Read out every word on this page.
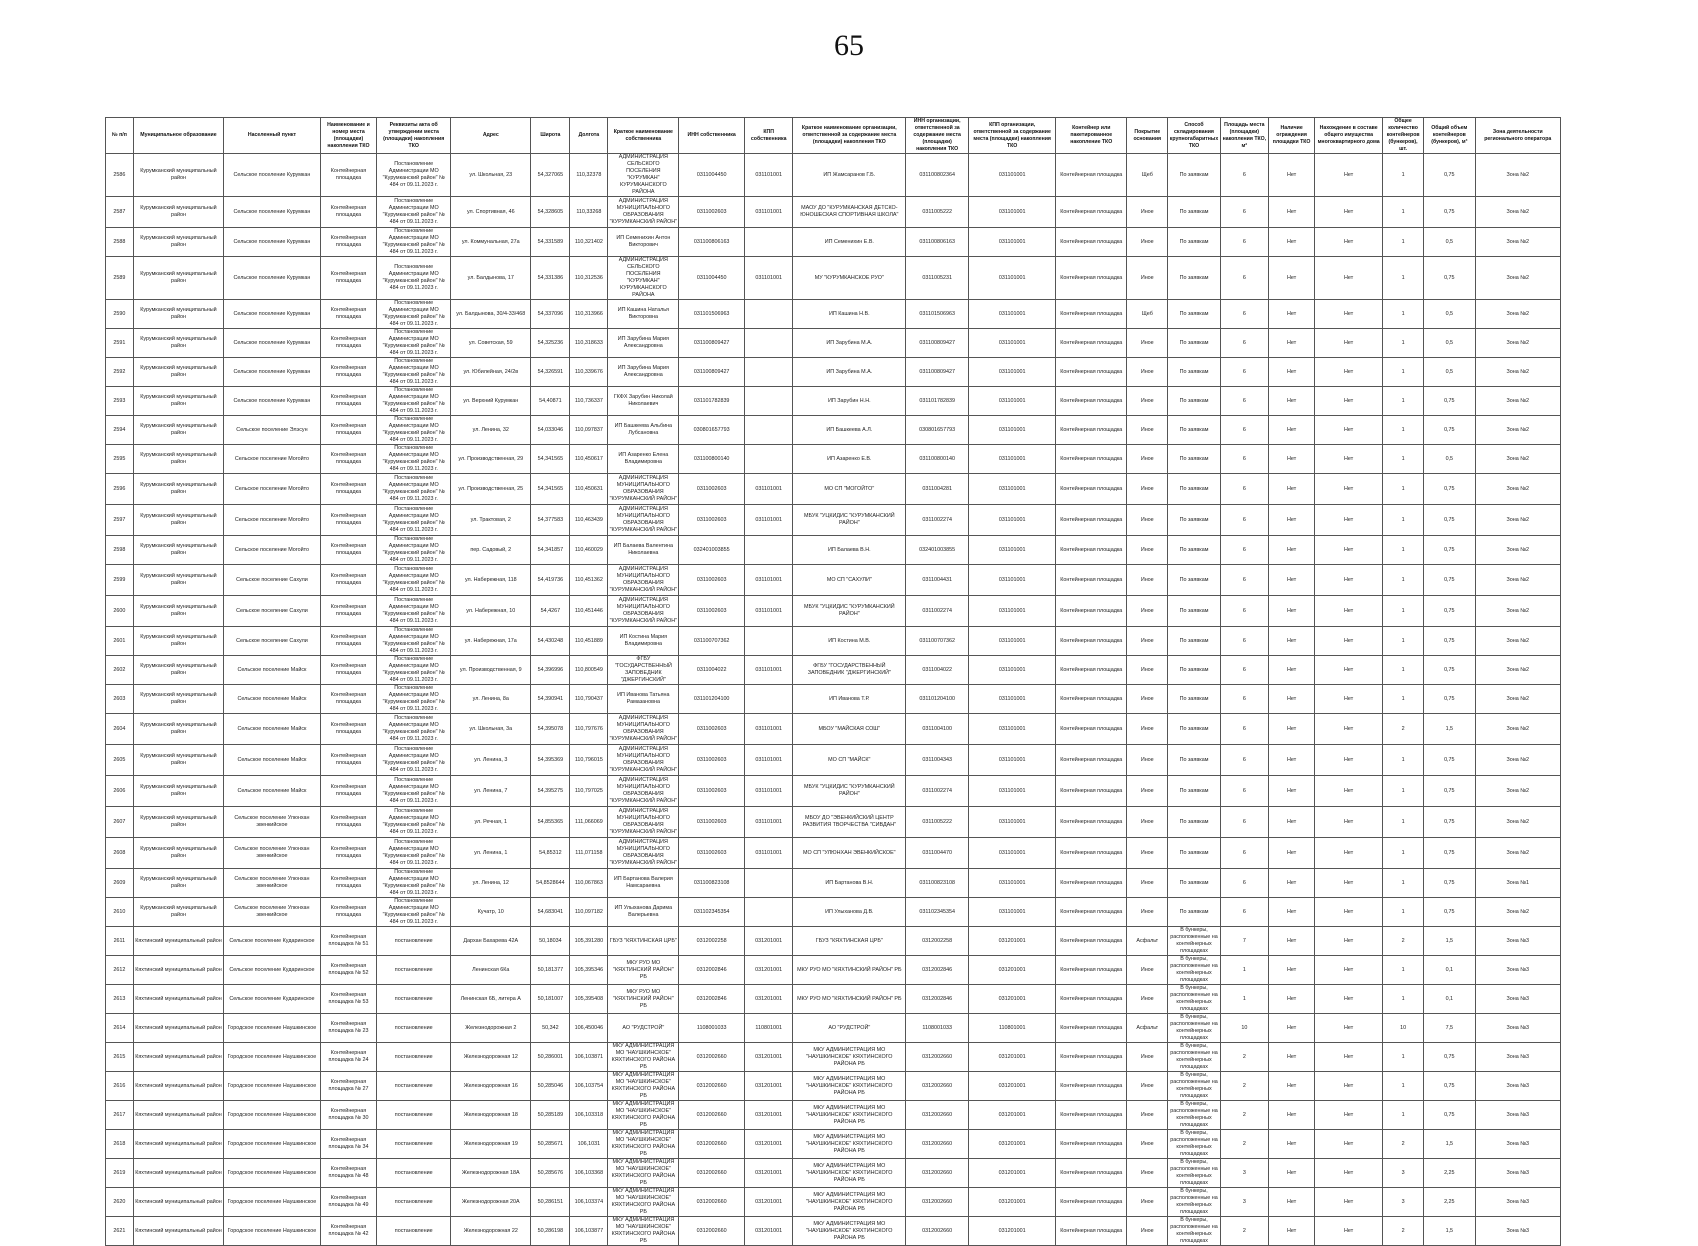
65
№ п/п	Муниципальное образование	Населенный пункт	Наименование и номер места (площадки) накопления ТКО	Реквизиты акта об утверждении места (площадки) накопления ТКО	Адрес	Широта	Долгота	Краткое наименование собственника	ИНН собственника	КПП собственника	Краткое наименование организации, ответственной за содержание места (площадки) накопления ТКО	ИНН организации, ответственной за содержание места (площадки) накопления ТКО	КПП организации, ответственной за содержание места (площадки) накопления ТКО	Контейнер или пакетированное накопление ТКО	Покрытие основания	Способ складирования крупногабаритных ТКО	Площадь места (площадки) накопления ТКО, м²	Наличие ограждения площадки ТКО	Нахождение в составе общего имущества многоквартирного дома	Общее количество контейнеров (бункеров), шт.	Общий объем контейнеров (бункеров), м³	Зона деятельности регионального оператора
2586	Курумканский муниципальный район	Сельское поселение Курумкан	Контейнерная площадка	Постановление Администрации МО "Курумканский район" № 484 от 09.11.2023 г.	ул. Школьная, 23	54,327065	110,32378	АДМИНИСТРАЦИЯ СЕЛЬСКОГО ПОСЕЛЕНИЯ "КУРУМКАН" КУРУМКАНСКОГО РАЙОНА	0311004450	031101001	ИП Жамсаранов Г.Б.	031100802364	031101001	Контейнерная площадка	Щеб	По заявкам	6	Нет	Нет	1	0,75	Зона №2
2587	Курумканский муниципальный район	Сельское поселение Курумкан	Контейнерная площадка	Постановление Администрации МО "Курумканский район" № 484 от 09.11.2023 г.	ул. Спортивная, 46	54,328605	110,33268	АДМИНИСТРАЦИЯ МУНИЦИПАЛЬНОГО ОБРАЗОВАНИЯ "КУРУМКАНСКИЙ РАЙОН"	0311002603	031101001	МАОУ ДО "КУРУМКАНСКАЯ ДЕТСКО-ЮНОШЕСКАЯ СПОРТИВНАЯ ШКОЛА"	0311005222	031101001	Контейнерная площадка	Иное	По заявкам	6	Нет	Нет	1	0,75	Зона №2
2588	Курумканский муниципальный район	Сельское поселение Курумкан	Контейнерная площадка	Постановление Администрации МО "Курумканский район" № 484 от 09.11.2023 г.	ул. Коммунальная, 27а	54,331589	110,321402	ИП Семенихин Антон Викторович	031100806163		ИП Семенихин Е.В.	031100806163	031101001	Контейнерная площадка	Иное	По заявкам	6	Нет	Нет	1	0,5	Зона №2
2589	Курумканский муниципальный район	Сельское поселение Курумкан	Контейнерная площадка	Постановление Администрации МО "Курумканский район" № 484 от 09.11.2023 г.	ул. Балдынова, 17	54,331386	110,312536	АДМИНИСТРАЦИЯ СЕЛЬСКОГО ПОСЕЛЕНИЯ "КУРУМКАН" КУРУМКАНСКОГО РАЙОНА	0311004450	031101001	МУ "КУРУМКАНСКОЕ РУО"	0311005231	031101001	Контейнерная площадка	Иное	По заявкам	6	Нет	Нет	1	0,75	Зона №2
2590	Курумканский муниципальный район	Сельское поселение Курумкан	Контейнерная площадка	Постановление Администрации МО "Курумканский район" № 484 от 09.11.2023 г.	ул. Балдынова, 30/4-33/468	54,337096	110,313966	ИП Кашина Наталья Викторовна	031101506963		ИП Кашина Н.В.	031101506963	031101001	Контейнерная площадка	Щеб	По заявкам	6	Нет	Нет	1	0,5	Зона №2
2591	Курумканский муниципальный район	Сельское поселение Курумкан	Контейнерная площадка	Постановление Администрации МО "Курумканский район" № 484 от 09.11.2023 г.	ул. Советская, 59	54,325236	110,318633	ИП Зарубина Мария Александровна	031100809427		ИП Зарубина М.А.	031100809427	031101001	Контейнерная площадка	Иное	По заявкам	6	Нет	Нет	1	0,5	Зона №2
2592	Курумканский муниципальный район	Сельское поселение Курумкан	Контейнерная площадка	Постановление Администрации МО "Курумканский район" № 484 от 09.11.2023 г.	ул. Юбилейная, 24/2в	54,326591	110,339676	ИП Зарубина Мария Александровна	031100809427		ИП Зарубина М.А.	031100809427	031101001	Контейнерная площадка	Иное	По заявкам	6	Нет	Нет	1	0,5	Зона №2
2593	Курумканский муниципальный район	Сельское поселение Курумкан	Контейнерная площадка	Постановление Администрации МО "Курумканский район" № 484 от 09.11.2023 г.	ул. Верхний Курумкан	54,40871	110,736337	ГКФХ Зарубин Николай Николаевич	031101782839		ИП Зарубин Н.Н.	031101782839	031101001	Контейнерная площадка	Иное	По заявкам	6	Нет	Нет	1	0,75	Зона №2
2594	Курумканский муниципальный район	Сельское поселение Элэсун	Контейнерная площадка	Постановление Администрации МО "Курумканский район" № 484 от 09.11.2023 г.	ул. Ленина, 32	54,033046	110,097837	ИП Башкеева Альбина Лубсановна	030801657793		ИП Башкеева А.Л.	030801657793	031101001	Контейнерная площадка	Иное	По заявкам	6	Нет	Нет	1	0,75	Зона №2
2595	Курумканский муниципальный район	Сельское поселение Могойто	Контейнерная площадка	Постановление Администрации МО "Курумканский район" № 484 от 09.11.2023 г.	ул. Производственная, 29	54,341565	110,450617	ИП Азаренко Елена Владимировна	031100800140		ИП Азаренко Е.В.	031100800140	031101001	Контейнерная площадка	Иное	По заявкам	6	Нет	Нет	1	0,5	Зона №2
2596	Курумканский муниципальный район	Сельское поселение Могойто	Контейнерная площадка	Постановление Администрации МО "Курумканский район" № 484 от 09.11.2023 г.	ул. Производственная, 25	54,341565	110,450631	АДМИНИСТРАЦИЯ МУНИЦИПАЛЬНОГО ОБРАЗОВАНИЯ "КУРУМКАНСКИЙ РАЙОН"	0311002603	031101001	МО СП "МОГОЙТО"	0311004281	031101001	Контейнерная площадка	Иное	По заявкам	6	Нет	Нет	1	0,75	Зона №2
2597	Курумканский муниципальный район	Сельское поселение Могойто	Контейнерная площадка	Постановление Администрации МО "Курумканский район" № 484 от 09.11.2023 г.	ул. Трактовая, 2	54,377583	110,463439	АДМИНИСТРАЦИЯ МУНИЦИПАЛЬНОГО ОБРАЗОВАНИЯ "КУРУМКАНСКИЙ РАЙОН"	0311002603	031101001	МБУК "УЦКИДИС "КУРУМКАНСКИЙ РАЙОН"	0311002274	031101001	Контейнерная площадка	Иное	По заявкам	6	Нет	Нет	1	0,75	Зона №2
2598	Курумканский муниципальный район	Сельское поселение Могойто	Контейнерная площадка	Постановление Администрации МО "Курумканский район" № 484 от 09.11.2023 г.	пер. Садовый, 2	54,341857	110,460029	ИП Балаева Валентина Николаевна	032401003855		ИП Балаева В.Н.	032401003855	031101001	Контейнерная площадка	Иное	По заявкам	6	Нет	Нет	1	0,75	Зона №2
2599	Курумканский муниципальный район	Сельское поселение Сахули	Контейнерная площадка	Постановление Администрации МО "Курумканский район" № 484 от 09.11.2023 г.	ул. Набережная, 118	54,419736	110,451362	АДМИНИСТРАЦИЯ МУНИЦИПАЛЬНОГО ОБРАЗОВАНИЯ "КУРУМКАНСКИЙ РАЙОН"	0311002603	031101001	МО СП "САХУЛИ"	0311004431	031101001	Контейнерная площадка	Иное	По заявкам	6	Нет	Нет	1	0,75	Зона №2
2600	Курумканский муниципальный район	Сельское поселение Сахули	Контейнерная площадка	Постановление Администрации МО "Курумканский район" № 484 от 09.11.2023 г.	ул. Набережная, 10	54,4267	110,451446	АДМИНИСТРАЦИЯ МУНИЦИПАЛЬНОГО ОБРАЗОВАНИЯ "КУРУМКАНСКИЙ РАЙОН"	0311002603	031101001	МБУК "УЦКИДИС "КУРУМКАНСКИЙ РАЙОН"	0311002274	031101001	Контейнерная площадка	Иное	По заявкам	6	Нет	Нет	1	0,75	Зона №2
2601	Курумканский муниципальный район	Сельское поселение Сахули	Контейнерная площадка	Постановление Администрации МО "Курумканский район" № 484 от 09.11.2023 г.	ул. Набережная, 17а	54,430248	110,451889	ИП Костина Мария Владимировна	031100707362		ИП Костина М.В.	031100707362	031101001	Контейнерная площадка	Иное	По заявкам	6	Нет	Нет	1	0,75	Зона №2
2602	Курумканский муниципальный район	Сельское поселение Майск	Контейнерная площадка	Постановление Администрации МО "Курумканский район" № 484 от 09.11.2023 г.	ул. Производственная, 9	54,396996	110,800549	ФГБУ "ГОСУДАРСТВЕННЫЙ ЗАПОВЕДНИК "ДЖЕРГИНСКИЙ"	0311004022	031101001	ФГБУ "ГОСУДАРСТВЕННЫЙ ЗАПОВЕДНИК "ДЖЕРГИНСКИЙ"	0311004022	031101001	Контейнерная площадка	Иное	По заявкам	6	Нет	Нет	1	0,75	Зона №2
2603	Курумканский муниципальный район	Сельское поселение Майск	Контейнерная площадка	Постановление Администрации МО "Курумканский район" № 484 от 09.11.2023 г.	ул. Ленина, 8а	54,390941	110,790437	ИП Иванова Татьяна Рамазановна	031101204100		ИП Иванова Т.Р.	031101204100	031101001	Контейнерная площадка	Иное	По заявкам	6	Нет	Нет	1	0,75	Зона №2
2604	Курумканский муниципальный район	Сельское поселение Майск	Контейнерная площадка	Постановление Администрации МО "Курумканский район" № 484 от 09.11.2023 г.	ул. Школьная, 3а	54,395078	110,797676	АДМИНИСТРАЦИЯ МУНИЦИПАЛЬНОГО ОБРАЗОВАНИЯ "КУРУМКАНСКИЙ РАЙОН"	0311002603	031101001	МБОУ "МАЙСКАЯ СОШ"	0311004100	031101001	Контейнерная площадка	Иное	По заявкам	6	Нет	Нет	2	1,5	Зона №2
2605	Курумканский муниципальный район	Сельское поселение Майск	Контейнерная площадка	Постановление Администрации МО "Курумканский район" № 484 от 09.11.2023 г.	ул. Ленина, 3	54,395369	110,796015	АДМИНИСТРАЦИЯ МУНИЦИПАЛЬНОГО ОБРАЗОВАНИЯ "КУРУМКАНСКИЙ РАЙОН"	0311002603	031101001	МО СП "МАЙСК"	0311004343	031101001	Контейнерная площадка	Иное	По заявкам	6	Нет	Нет	1	0,75	Зона №2
2606	Курумканский муниципальный район	Сельское поселение Майск	Контейнерная площадка	Постановление Администрации МО "Курумканский район" № 484 от 09.11.2023 г.	ул. Ленина, 7	54,395275	110,797025	АДМИНИСТРАЦИЯ МУНИЦИПАЛЬНОГО ОБРАЗОВАНИЯ "КУРУМКАНСКИЙ РАЙОН"	0311002603	031101001	МБУК "УЦКИДИС "КУРУМКАНСКИЙ РАЙОН"	0311002274	031101001	Контейнерная площадка	Иное	По заявкам	6	Нет	Нет	1	0,75	Зона №2
2607	Курумканский муниципальный район	Сельское поселение Улюнхан эвенкийское	Контейнерная площадка	Постановление Администрации МО "Курумканский район" № 484 от 09.11.2023 г.	ул. Речная, 1	54,855365	111,066069	АДМИНИСТРАЦИЯ МУНИЦИПАЛЬНОГО ОБРАЗОВАНИЯ "КУРУМКАНСКИЙ РАЙОН"	0311002603	031101001	МБОУ ДО "ЭВЕНКИЙСКИЙ ЦЕНТР РАЗВИТИЯ ТВОРЧЕСТВА "СИВДАН"	0311005222	031101001	Контейнерная площадка	Иное	По заявкам	6	Нет	Нет	1	0,75	Зона №2
2608	Курумканский муниципальный район	Сельское поселение Улюнхан эвенкийское	Контейнерная площадка	Постановление Администрации МО "Курумканский район" № 484 от 09.11.2023 г.	ул. Ленина, 1	54,85312	111,071158	АДМИНИСТРАЦИЯ МУНИЦИПАЛЬНОГО ОБРАЗОВАНИЯ "КУРУМКАНСКИЙ РАЙОН"	0311002603	031101001	МО СП "УЛЮНХАН ЭВЕНКИЙСКОЕ"	0311004470	031101001	Контейнерная площадка	Иное	По заявкам	6	Нет	Нет	1	0,75	Зона №2
2609	Курумканский муниципальный район	Сельское поселение Улюнхан эвенкийское	Контейнерная площадка	Постановление Администрации МО "Курумканский район" № 484 от 09.11.2023 г.	ул. Ленина, 12	54,8528644	110,067863	ИП Бартанова Валерия Намсараевна	031100823108		ИП Бартанова В.Н.	031100823108	031101001	Контейнерная площадка	Иное	По заявкам	6	Нет	Нет	1	0,75	Зона №1
2610	Курумканский муниципальный район	Сельское поселение Улюнхан эвенкийское	Контейнерная площадка	Постановление Администрации МО "Курумканский район" № 484 от 09.11.2023 г.	Кучатр, 10	54,683041	110,097182	ИП Улыханова Дарима Валерьевна	031102345354		ИП Улыханова Д.В.	031102345354	031101001	Контейнерная площадка	Иное	По заявкам	6	Нет	Нет	1	0,75	Зона №2
2611	Кяхтинский муниципальный район	Сельское поселение Кударинское	Контейнерная площадка № 51	постановление	Дархан Бахарева 42А	50,18034	105,391280	ГБУЗ "КЯХТИНСКАЯ ЦРБ"	0312002258	031201001	ГБУЗ "КЯХТИНСКАЯ ЦРБ"	0312002258	031201001	Контейнерная площадка	Асфальт	В бункеры, расположенные на контейнерных площадках	7	Нет	Нет	2	1,5	Зона №3
2612	Кяхтинский муниципальный район	Сельское поселение Кударинское	Контейнерная площадка № 52	постановление	Ленинская 6Ка	50,181377	105,395346	МКУ РУО МО "КЯХТИНСКИЙ РАЙОН" РБ	0312002846	031201001	МКУ РУО МО "КЯХТИНСКИЙ РАЙОН" РБ	0312002846	031201001	Контейнерная площадка	Иное	В бункеры, расположенные на контейнерных площадках	1	Нет	Нет	1	0,1	Зона №3
2613	Кяхтинский муниципальный район	Сельское поселение Кударинское	Контейнерная площадка № 53	постановление	Ленинская 6Б, литера А	50,181007	105,395408	МКУ РУО МО "КЯХТИНСКИЙ РАЙОН" РБ	0312002846	031201001	МКУ РУО МО "КЯХТИНСКИЙ РАЙОН" РБ	0312002846	031201001	Контейнерная площадка	Иное	В бункеры, расположенные на контейнерных площадках	1	Нет	Нет	1	0,1	Зона №3
2614	Кяхтинский муниципальный район	Городское поселение Наушкинское	Контейнерная площадка № 23	постановление	Железнодорожная 2	50,342	106,450046	АО "РУДСТРОЙ"	1108001033	110801001	АО "РУДСТРОЙ"	1108001033	110801001	Контейнерная площадка	Асфальт	В бункеры, расположенные на контейнерных площадках	10	Нет	Нет	10	7,5	Зона №3
2615	Кяхтинский муниципальный район	Городское поселение Наушкинское	Контейнерная площадка № 24	постановление	Железнодорожная 12	50,286001	106,103871	МКУ АДМИНИСТРАЦИЯ МО "НАУШКИНСКОЕ" КЯХТИНСКОГО РАЙОНА РБ	0312002660	031201001	МКУ АДМИНИСТРАЦИЯ МО "НАУШКИНСКОЕ" КЯХТИНСКОГО РАЙОНА РБ	0312002660	031201001	Контейнерная площадка	Иное	В бункеры, расположенные на контейнерных площадках	2	Нет	Нет	1	0,75	Зона №3
2616	Кяхтинский муниципальный район	Городское поселение Наушкинское	Контейнерная площадка № 27	постановление	Железнодорожная 16	50,285046	106,103754	МКУ АДМИНИСТРАЦИЯ МО "НАУШКИНСКОЕ" КЯХТИНСКОГО РАЙОНА РБ	0312002660	031201001	МКУ АДМИНИСТРАЦИЯ МО "НАУШКИНСКОЕ" КЯХТИНСКОГО РАЙОНА РБ	0312002660	031201001	Контейнерная площадка	Иное	В бункеры, расположенные на контейнерных площадках	2	Нет	Нет	1	0,75	Зона №3
2617	Кяхтинский муниципальный район	Городское поселение Наушкинское	Контейнерная площадка № 30	постановление	Железнодорожная 18	50,285189	106,103318	МКУ АДМИНИСТРАЦИЯ МО "НАУШКИНСКОЕ" КЯХТИНСКОГО РАЙОНА РБ	0312002660	031201001	МКУ АДМИНИСТРАЦИЯ МО "НАУШКИНСКОЕ" КЯХТИНСКОГО РАЙОНА РБ	0312002660	031201001	Контейнерная площадка	Иное	В бункеры, расположенные на контейнерных площадках	2	Нет	Нет	1	0,75	Зона №3
2618	Кяхтинский муниципальный район	Городское поселение Наушкинское	Контейнерная площадка № 34	постановление	Железнодорожная 19	50,285671	106,1031	МКУ АДМИНИСТРАЦИЯ МО "НАУШКИНСКОЕ" КЯХТИНСКОГО РАЙОНА РБ	0312002660	031201001	МКУ АДМИНИСТРАЦИЯ МО "НАУШКИНСКОЕ" КЯХТИНСКОГО РАЙОНА РБ	0312002660	031201001	Контейнерная площадка	Иное	В бункеры, расположенные на контейнерных площадках	2	Нет	Нет	2	1,5	Зона №3
2619	Кяхтинский муниципальный район	Городское поселение Наушкинское	Контейнерная площадка № 48	постановление	Железнодорожная 18А	50,285676	106,103368	МКУ АДМИНИСТРАЦИЯ МО "НАУШКИНСКОЕ" КЯХТИНСКОГО РАЙОНА РБ	0312002660	031201001	МКУ АДМИНИСТРАЦИЯ МО "НАУШКИНСКОЕ" КЯХТИНСКОГО РАЙОНА РБ	0312002660	031201001	Контейнерная площадка	Иное	В бункеры, расположенные на контейнерных площадках	3	Нет	Нет	3	2,25	Зона №3
2620	Кяхтинский муниципальный район	Городское поселение Наушкинское	Контейнерная площадка № 49	постановление	Железнодорожная 20А	50,286151	106,103374	МКУ АДМИНИСТРАЦИЯ МО "НАУШКИНСКОЕ" КЯХТИНСКОГО РАЙОНА РБ	0312002660	031201001	МКУ АДМИНИСТРАЦИЯ МО "НАУШКИНСКОЕ" КЯХТИНСКОГО РАЙОНА РБ	0312002660	031201001	Контейнерная площадка	Иное	В бункеры, расположенные на контейнерных площадках	3	Нет	Нет	3	2,25	Зона №3
2621	Кяхтинский муниципальный район	Городское поселение Наушкинское	Контейнерная площадка № 42	постановление	Железнодорожная 22	50,286198	106,103877	МКУ АДМИНИСТРАЦИЯ МО "НАУШКИНСКОЕ" КЯХТИНСКОГО РАЙОНА РБ	0312002660	031201001	МКУ АДМИНИСТРАЦИЯ МО "НАУШКИНСКОЕ" КЯХТИНСКОГО РАЙОНА РБ	0312002660	031201001	Контейнерная площадка	Иное	В бункеры, расположенные на контейнерных площадках	2	Нет	Нет	2	1,5	Зона №3
